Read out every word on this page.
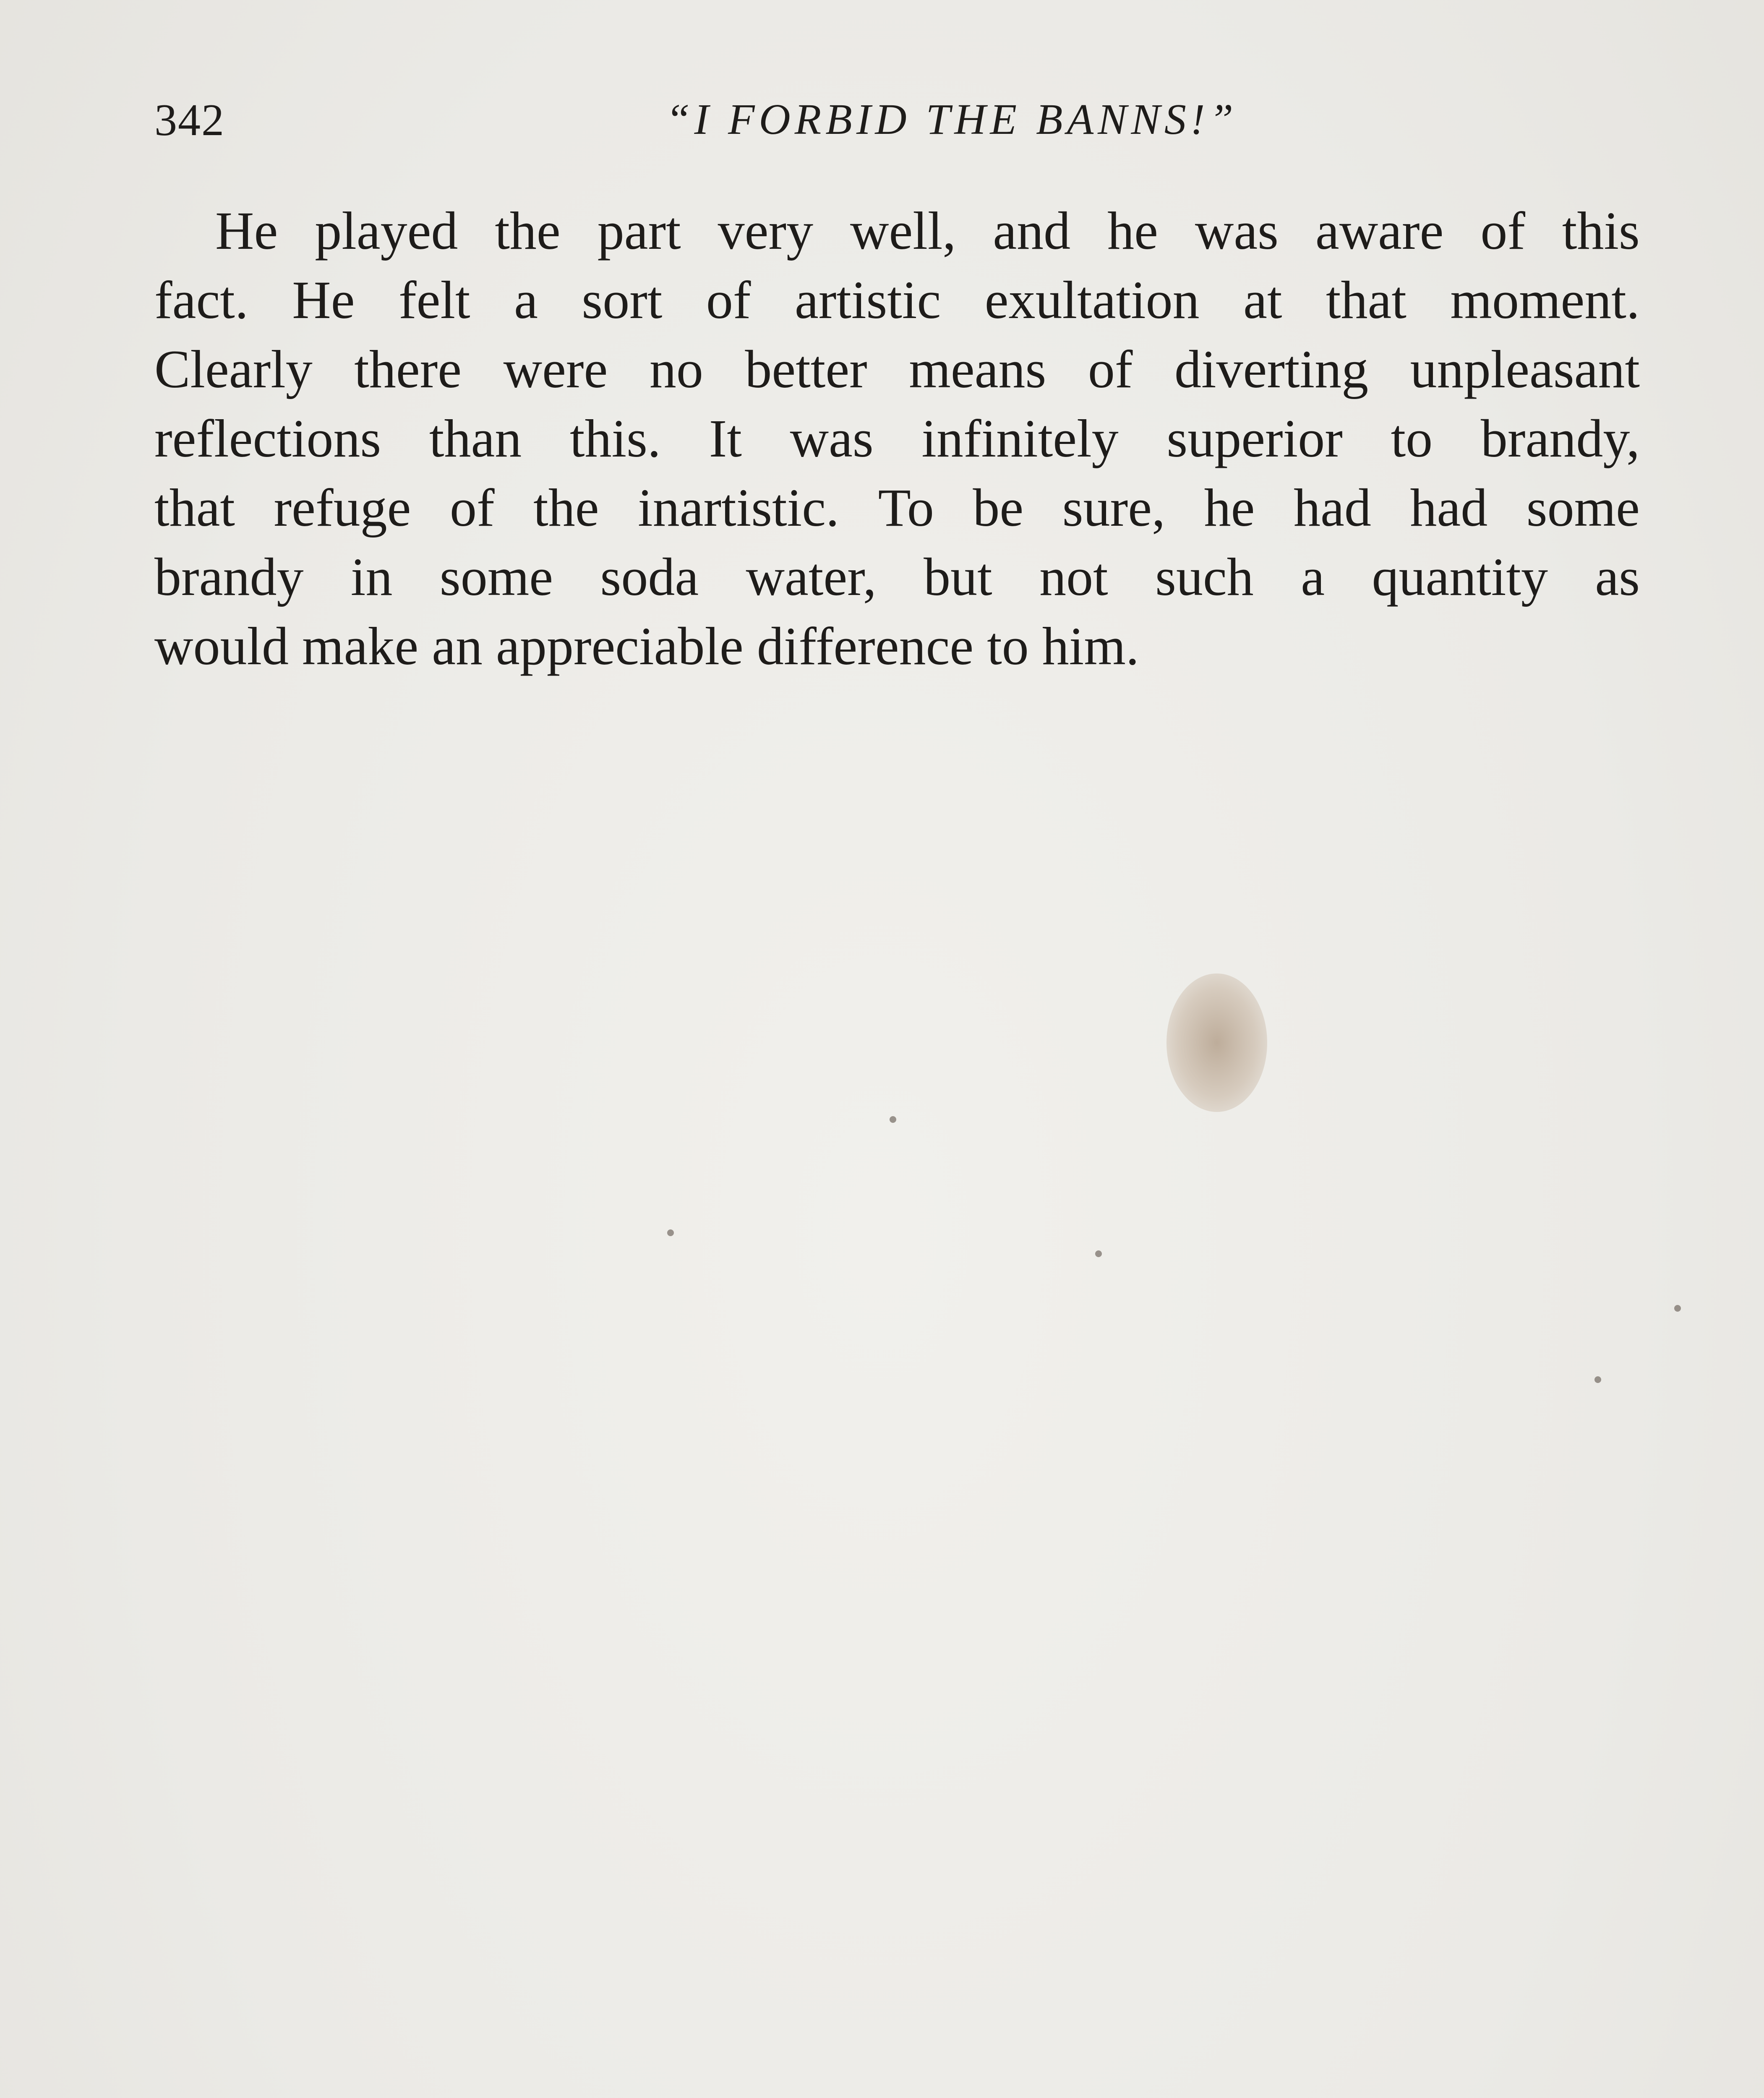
342	“I FORBID THE BANNS!”
He played the part very well, and he was aware of this
fact. He felt a sort of artistic exultation at that moment.
Clearly there were no better means of diverting unpleasant
reflections than this. It was infinitely superior to brandy,
that refuge of the inartistic. To be sure, he had had some
brandy in some soda water, but not such a quantity as
would make an appreciable difference to him.
